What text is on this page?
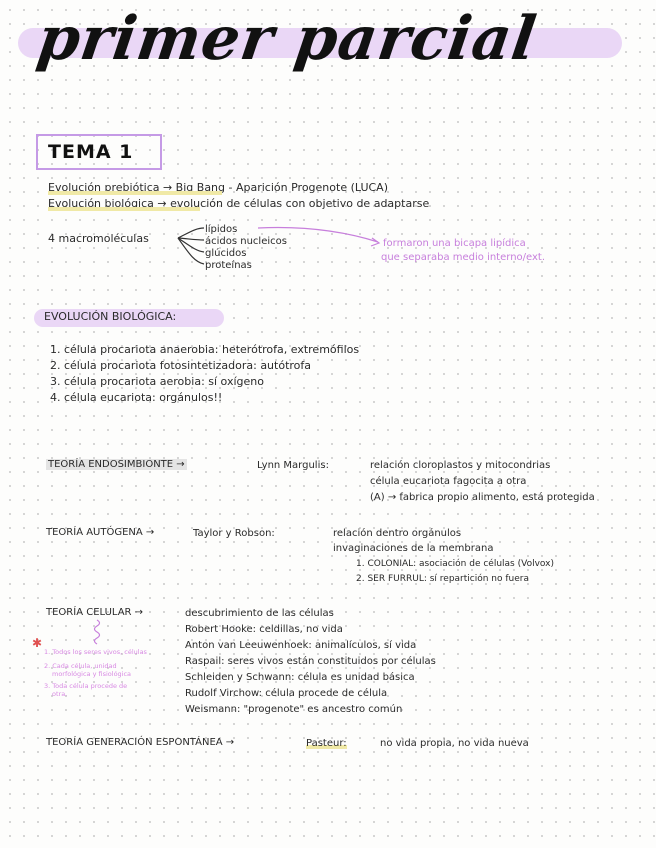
primer parcial
TEMA 1
Evolución prebiótica → Big Bang - Aparición Progenote (LUCA)
Evolución biológica → evolución de células con objetivo de adaptarse
4 macromoléculas
lípidos
ácidos nucleicos
glúcidos
proteínas
formaron una bicapa lipídica
que separaba medio interno/ext.
EVOLUCIÓN BIOLÓGICA:
1. célula procariota anaerobia: heterótrofa, extremófilos
2. célula procariota fotosintetizadora: autótrofa
3. célula procariota aerobia: sí oxígeno
4. célula eucariota: orgánulos!!
TEORÍA ENDOSIMBIONTE →	Lynn Margulis:	relación cloroplastos y mitocondrias
célula eucariota fagocita a otra
(A) → fabrica propio alimento, está protegida
TEORÍA AUTÓGENA →	Taylor y Robson:	relación dentro orgánulos
invaginaciones de la membrana
1. COLONIAL: asociación de células (Volvox)
2. SER FURRUL: sí repartición no fuera
TEORÍA CELULAR →	descubrimiento de las células
Robert Hooke: celdillas, no vida
Anton van Leeuwenhoek: animalículos, sí vida
Raspail: seres vivos están constituidos por células
Schleiden y Schwann: célula es unidad básica
Rudolf Virchow: célula procede de célula
Weismann: "progenote" es ancestro común
✱
1. Todos los seres vivos, células
2. Cada célula, unidad
morfológica y fisiológica
3. Toda célula procede de
otra.
TEORÍA GENERACIÓN ESPONTÁNEA →	Pasteur:	no vida propia, no vida nueva
